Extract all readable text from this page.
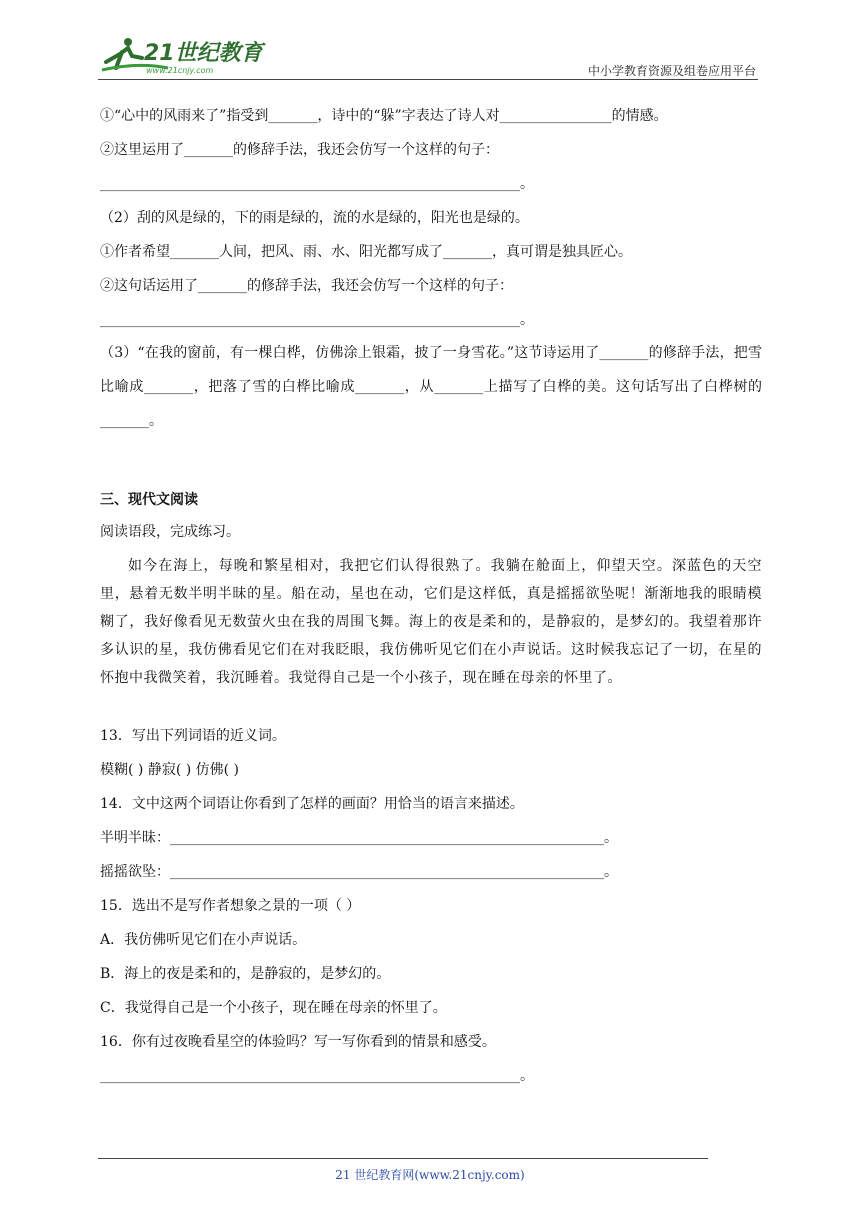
21世纪教育
www.21cnjy.com	中小学教育资源及组卷应用平台
①“心中的风雨来了”指受到_______，诗中的“躲”字表达了诗人对________________的情感。
②这里运用了_______的修辞手法，我还会仿写一个这样的句子：
____________________________________________________________。
（2）刮的风是绿的，下的雨是绿的，流的水是绿的，阳光也是绿的。
①作者希望_______人间，把风、雨、水、阳光都写成了_______，真可谓是独具匠心。
②这句话运用了_______的修辞手法，我还会仿写一个这样的句子：
____________________________________________________________。
（3）“在我的窗前，有一棵白桦，仿佛涂上银霜，披了一身雪花。”这节诗运用了_______的修辞手法，把雪比喻成_______，把落了雪的白桦比喻成_______，从_______上描写了白桦的美。这句话写出了白桦树的_______。
三、现代文阅读
阅读语段，完成练习。
如今在海上，每晚和繁星相对，我把它们认得很熟了。我躺在舱面上，仰望天空。深蓝色的天空里，悬着无数半明半昧的星。船在动，星也在动，它们是这样低，真是摇摇欲坠呢！渐渐地我的眼睛模糊了，我好像看见无数萤火虫在我的周围飞舞。海上的夜是柔和的，是静寂的，是梦幻的。我望着那许多认识的星，我仿佛看见它们在对我眨眼，我仿佛听见它们在小声说话。这时候我忘记了一切，在星的怀抱中我微笑着，我沉睡着。我觉得自己是一个小孩子，现在睡在母亲的怀里了。
13．写出下列词语的近义词。
模糊( ) 静寂( ) 仿佛( )
14．文中这两个词语让你看到了怎样的画面？用恰当的语言来描述。
半明半昧：______________________________________________________________。
摇摇欲坠：______________________________________________________________。
15．选出不是写作者想象之景的一项（ ）
A．我仿佛听见它们在小声说话。
B．海上的夜是柔和的，是静寂的，是梦幻的。
C．我觉得自己是一个小孩子，现在睡在母亲的怀里了。
16．你有过夜晚看星空的体验吗？写一写你看到的情景和感受。
____________________________________________________________。
21 世纪教育网(www.21cnjy.com)
